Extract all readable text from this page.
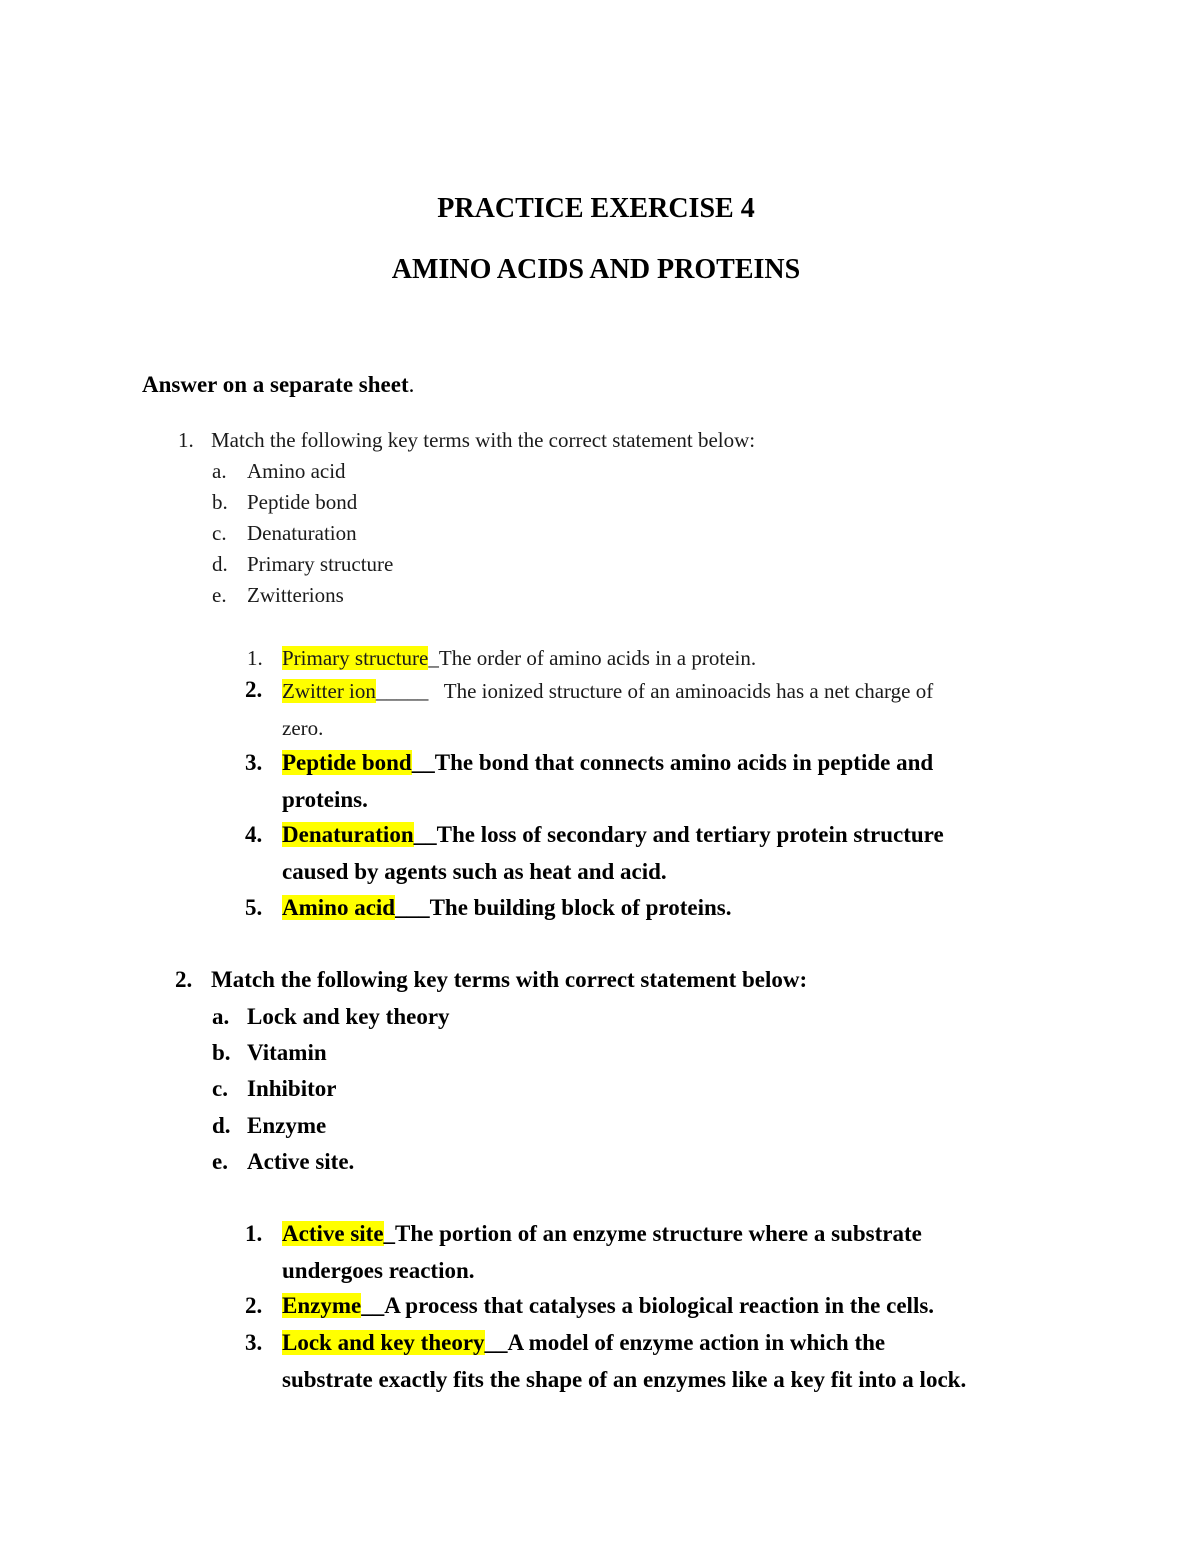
PRACTICE EXERCISE 4
AMINO ACIDS AND PROTEINS

Answer on a separate sheet.

1. Match the following key terms with the correct statement below:
a. Amino acid
b. Peptide bond
c. Denaturation
d. Primary structure
e. Zwitterions
1. Primary structure_The order of amino acids in a protein.
2. Zwitter ion_____   The ionized structure of an aminoacids has a net charge of
zero.
3. Peptide bond__The bond that connects amino acids in peptide and
proteins.
4. Denaturation__The loss of secondary and tertiary protein structure
caused by agents such as heat and acid.
5. Amino acid___The building block of proteins.
2. Match the following key terms with correct statement below:
a. Lock and key theory
b. Vitamin
c. Inhibitor
d. Enzyme
e. Active site.
1. Active site_The portion of an enzyme structure where a substrate
undergoes reaction.
2. Enzyme__A process that catalyses a biological reaction in the cells.
3. Lock and key theory__A model of enzyme action in which the
substrate exactly fits the shape of an enzymes like a key fit into a lock.
